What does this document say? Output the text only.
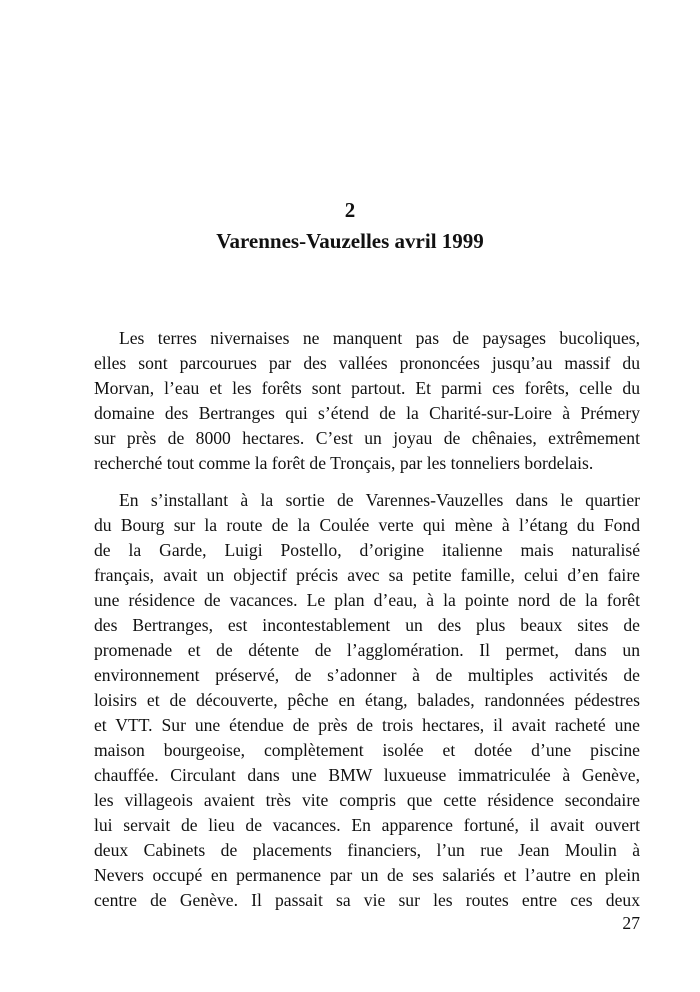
2
Varennes-Vauzelles avril 1999
Les terres nivernaises ne manquent pas de paysages bucoliques,
elles sont parcourues par des vallées prononcées jusqu’au massif du
Morvan, l’eau et les forêts sont partout. Et parmi ces forêts, celle du
domaine des Bertranges qui s’étend de la Charité-sur-Loire à Prémery
sur près de 8000 hectares. C’est un joyau de chênaies, extrêmement
recherché tout comme la forêt de Tronçais, par les tonneliers bordelais.
En s’installant à la sortie de Varennes-Vauzelles dans le quartier
du Bourg sur la route de la Coulée verte qui mène à l’étang du Fond
de la Garde, Luigi Postello, d’origine italienne mais naturalisé
français, avait un objectif précis avec sa petite famille, celui d’en faire
une résidence de vacances. Le plan d’eau, à la pointe nord de la forêt
des Bertranges, est incontestablement un des plus beaux sites de
promenade et de détente de l’agglomération. Il permet, dans un
environnement préservé, de s’adonner à de multiples activités de
loisirs et de découverte, pêche en étang, balades, randonnées pédestres
et VTT. Sur une étendue de près de trois hectares, il avait racheté une
maison bourgeoise, complètement isolée et dotée d’une piscine
chauffée. Circulant dans une BMW luxueuse immatriculée à Genève,
les villageois avaient très vite compris que cette résidence secondaire
lui servait de lieu de vacances. En apparence fortuné, il avait ouvert
deux Cabinets de placements financiers, l’un rue Jean Moulin à
Nevers occupé en permanence par un de ses salariés et l’autre en plein
centre de Genève. Il passait sa vie sur les routes entre ces deux
27
